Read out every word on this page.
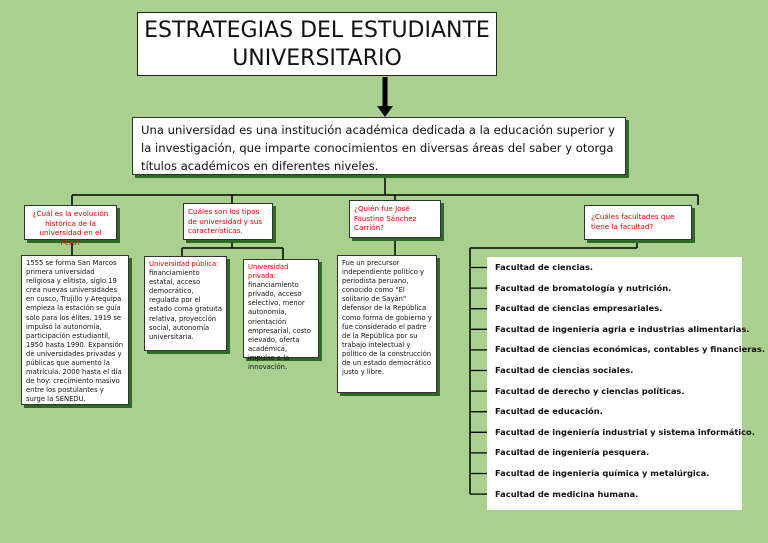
ESTRATEGIAS DEL ESTUDIANTE
UNIVERSITARIO
Una universidad es una institución académica dedicada a la educación superior y la investigación, que imparte conocimientos en diversas áreas del saber y otorga títulos académicos en diferentes niveles.
¿Cuál es la evolución histórica de la universidad en el Perú?
Cuáles son los tipos de universidad y sus características.
¿Quién fue José Faustino Sánchez Carrión?
¿Cuáles facultades que tiene la facultad?
1555 se forma San Marcos primera universidad religiosa y elitista, siglo 19 crea nuevas universidades en cusco, Trujillo y Arequipa empieza la estación se guía solo para los élites. 1919 se impulsó la autonomía, participación estudiantil, 1950 hasta 1990. Expansión de universidades privadas y públicas que aumentó la matrícula. 2000 hasta el día de hoy: crecimiento masivo entre los postulantes y surge la SENEDU.
Universidad pública:
financiamiento estatal, acceso democrático, regulada por el estado coma gratuita relativa, proyección social, autonomía universitaria.
Universidad privada:
financiamiento privado, acceso selectivo, menor autonomía, orientación empresarial, costo elevado, oferta académica, impulso a la innovación.
Fue un precursor independiente político y periodista peruano, conocido como "El solitario de Sayán" defensor de la República como forma de gobierno y fue considerado el padre de la República por su trabajo intelectual y político de la construcción de un estado democrático justo y libre.
Facultad de ciencias.
Facultad de bromatología y nutrición.
Facultad de ciencias empresariales.
Facultad de ingeniería agria e industrias alimentarias.
Facultad de ciencias económicas, contables y financieras.
Facultad de ciencias sociales.
Facultad de derecho y ciencias políticas.
Facultad de educación.
Facultad de ingeniería industrial y sistema informático.
Facultad de ingeniería pesquera.
Facultad de ingeniería química y metalúrgica.
Facultad de medicina humana.
